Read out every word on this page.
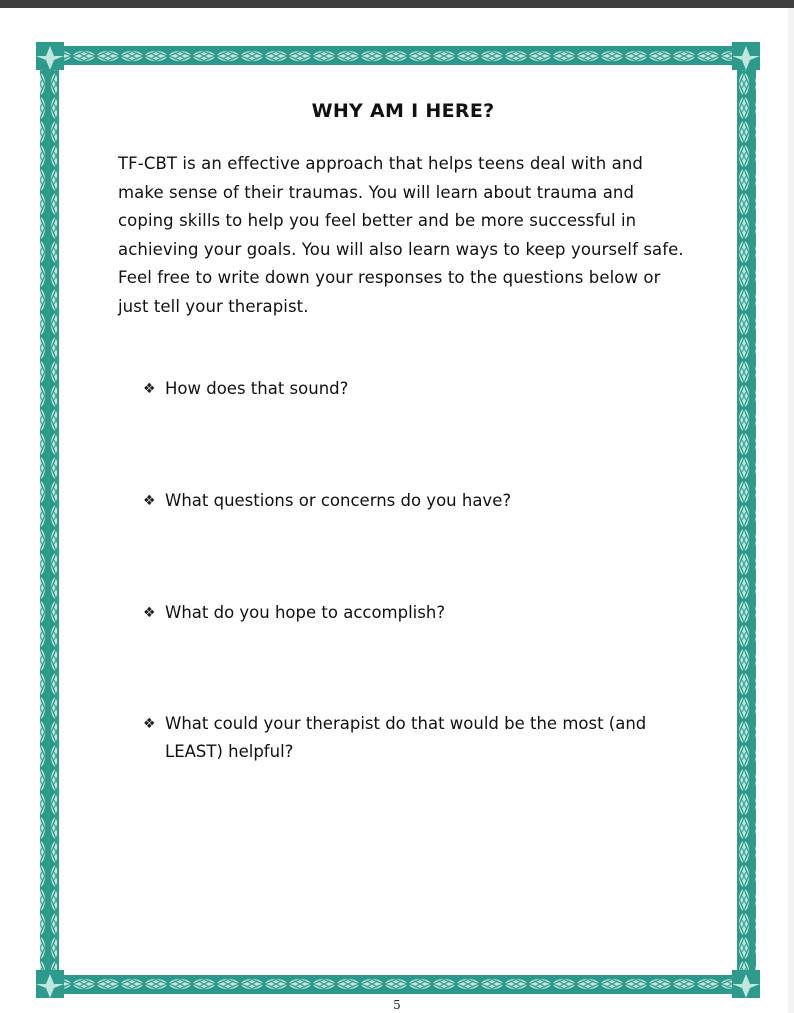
WHY AM I HERE?

TF-CBT is an effective approach that helps teens deal with and make sense of their traumas. You will learn about trauma and coping skills to help you feel better and be more successful in achieving your goals. You will also learn ways to keep yourself safe. Feel free to write down your responses to the questions below or just tell your therapist.

❖ How does that sound?
❖ What questions or concerns do you have?
❖ What do you hope to accomplish?
❖ What could your therapist do that would be the most (and LEAST) helpful?
5
